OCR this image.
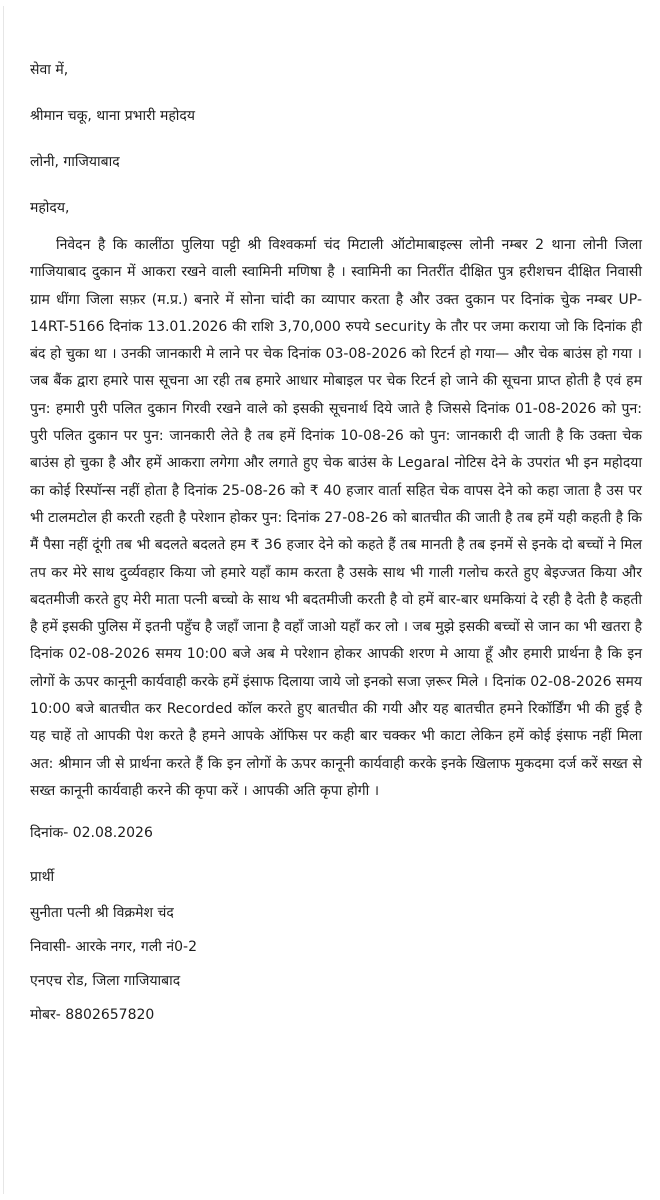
सेवा में,

श्रीमान चकू, थाना प्रभारी महोदय

लोनी, गाजियाबाद

महोदय,

निवेदन है कि कालींठा पुलिया पट्टी श्री विश्वकर्मा चंद मिटाली ऑटोमाबाइल्स लोनी नम्बर 2 थाना लोनी जिला गाजियाबाद दुकान में आकरा रखने वाली स्वामिनी मणिषा है । स्वामिनी का नितरींत दीक्षित पुत्र हरीशचन दीक्षित निवासी ग्राम धींगा जिला सफ़र (म.प्र.) बनारे में सोना चांदी का व्यापार करता है और उक्त दुकान पर दिनांक चुेक नम्बर UP-14RT-5166 दिनांक 13.01.2026 की राशि 3,70,000 रुपये security के तौर पर जमा कराया जो कि दिनांक ही बंद हो चुका था । उनकी जानकारी मे लाने पर चेक दिनांक 03-08-2026 को रिटर्न हो गया— और चेक बाउंस हो गया । जब बैंक द्वारा हमारे पास सूचना आ रही तब हमारे आधार मोबाइल पर चेक रिटर्न हो जाने की सूचना प्राप्त होती है एवं हम पुन: हमारी पुरी पलित दुकान गिरवी रखने वाले को इसकी सूचनार्थ दिये जाते है जिससे दिनांक 01-08-2026 को पुन: पुरी पलित दुकान पर पुन: जानकारी लेते है तब हमें दिनांक 10-08-26 को पुन: जानकारी दी जाती है कि उक्ता चेक बाउंस हो चुका है और हमें आकराा लगेगा और लगाते हुए चेक बाउंस के Legaral नोटिस देने के उपरांत भी इन महोदया का कोई रिस्पॉन्स नहीं होता है दिनांक 25-08-26 को ₹ 40 हजार वार्ता सहित चेक वापस देने को कहा जाता है उस पर भी टालमटोल ही करती रहती है परेशान होकर पुन: दिनांक 27-08-26 को बातचीत की जाती है तब हमें यही कहती है कि मैं पैसा नहीं दूंगी तब भी बदलते बदलते हम ₹ 36 हजार देने को कहते हैं तब मानती है तब इनमें से इनके दो बच्चों ने मिल तप कर मेरे साथ दुर्व्यवहार किया जो हमारे यहाँ काम करता है उसके साथ भी गाली गलोच करते हुए बेइज्जत किया और बदतमीजी करते हुए मेरी माता पत्नी बच्चो के साथ भी बदतमीजी करती है वो हमें बार-बार धमकियां दे रही है देती है कहती है हमें इसकी पुलिस में इतनी पहुँच है जहाँ जाना है वहाँ जाओ यहाँ कर लो । जब मुझे इसकी बच्चों से जान का भी खतरा है दिनांक 02-08-2026 समय 10:00 बजे अब मे परेशान होकर आपकी शरण मे आया हूँ और हमारी प्रार्थना है कि इन लोगों के ऊपर कानूनी कार्यवाही करके हमें इंसाफ दिलाया जाये जो इनको सजा ज़रूर मिले । दिनांक 02-08-2026 समय 10:00 बजे बातचीत कर Recorded कॉल करते हुए बातचीत की गयी और यह बातचीत हमने रिकॉर्डिंग भी की हुई है यह चाहें तो आपकी पेश करते है हमने आपके ऑफिस पर कही बार चक्कर भी काटा लेकिन हमें कोई इंसाफ नहीं मिला अत: श्रीमान जी से प्रार्थना करते हैं कि इन लोगों के ऊपर कानूनी कार्यवाही करके इनके खिलाफ मुकदमा दर्ज करें सख्त से सख्त कानूनी कार्यवाही करने की कृपा करें । आपकी अति कृपा होगी ।

दिनांक- 02.08.2026

प्रार्थी

सुनीता पत्नी श्री विक्रमेश चंद

निवासी- आरके नगर, गली नं0-2

एनएच रोड, जिला गाजियाबाद

मोबर- 8802657820
